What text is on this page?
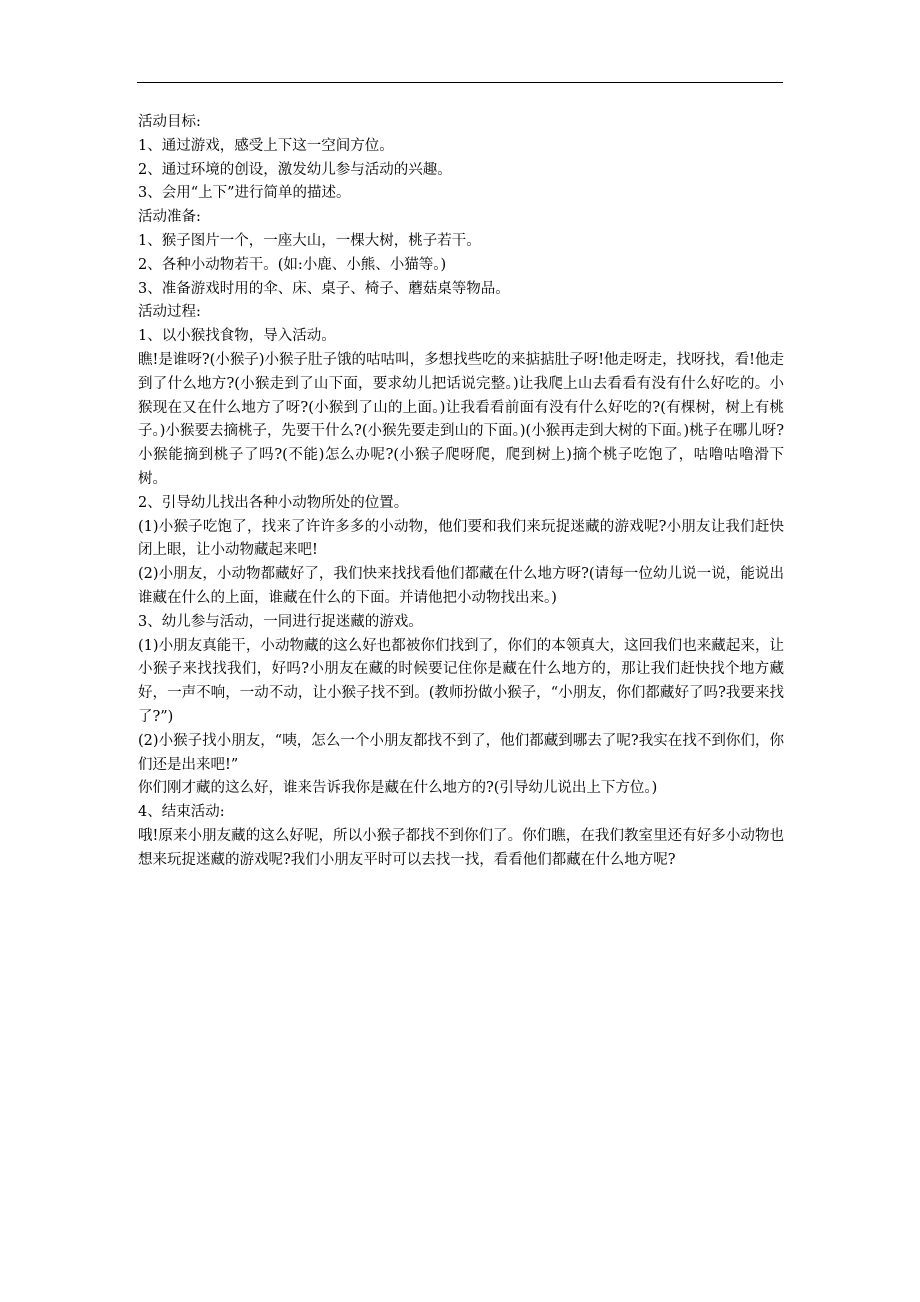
活动目标:
1、通过游戏，感受上下这一空间方位。
2、通过环境的创设，激发幼儿参与活动的兴趣。
3、会用“上下”进行简单的描述。
活动准备:
1、猴子图片一个，一座大山，一棵大树，桃子若干。
2、各种小动物若干。(如:小鹿、小熊、小猫等。)
3、准备游戏时用的伞、床、桌子、椅子、蘑菇桌等物品。
活动过程:
1、以小猴找食物，导入活动。
瞧!是谁呀?(小猴子)小猴子肚子饿的咕咕叫，多想找些吃的来掂掂肚子呀!他走呀走，找呀找，看!他走到了什么地方?(小猴走到了山下面，要求幼儿把话说完整。)让我爬上山去看看有没有什么好吃的。小猴现在又在什么地方了呀?(小猴到了山的上面。)让我看看前面有没有什么好吃的?(有棵树，树上有桃子。)小猴要去摘桃子，先要干什么?(小猴先要走到山的下面。)(小猴再走到大树的下面。)桃子在哪儿呀?小猴能摘到桃子了吗?(不能)怎么办呢?(小猴子爬呀爬，爬到树上)摘个桃子吃饱了，咕噜咕噜滑下树。
2、引导幼儿找出各种小动物所处的位置。
(1)小猴子吃饱了，找来了许许多多的小动物，他们要和我们来玩捉迷藏的游戏呢?小朋友让我们赶快闭上眼，让小动物藏起来吧!
(2)小朋友，小动物都藏好了，我们快来找找看他们都藏在什么地方呀?(请每一位幼儿说一说，能说出谁藏在什么的上面，谁藏在什么的下面。并请他把小动物找出来。)
3、幼儿参与活动，一同进行捉迷藏的游戏。
(1)小朋友真能干，小动物藏的这么好也都被你们找到了，你们的本领真大，这回我们也来藏起来，让小猴子来找找我们，好吗?小朋友在藏的时候要记住你是藏在什么地方的，那让我们赶快找个地方藏好，一声不响，一动不动，让小猴子找不到。(教师扮做小猴子，“小朋友，你们都藏好了吗?我要来找了?”)
(2)小猴子找小朋友，“咦，怎么一个小朋友都找不到了，他们都藏到哪去了呢?我实在找不到你们，你们还是出来吧!”
你们刚才藏的这么好，谁来告诉我你是藏在什么地方的?(引导幼儿说出上下方位。)
4、结束活动:
哦!原来小朋友藏的这么好呢，所以小猴子都找不到你们了。你们瞧，在我们教室里还有好多小动物也想来玩捉迷藏的游戏呢?我们小朋友平时可以去找一找，看看他们都藏在什么地方呢?
